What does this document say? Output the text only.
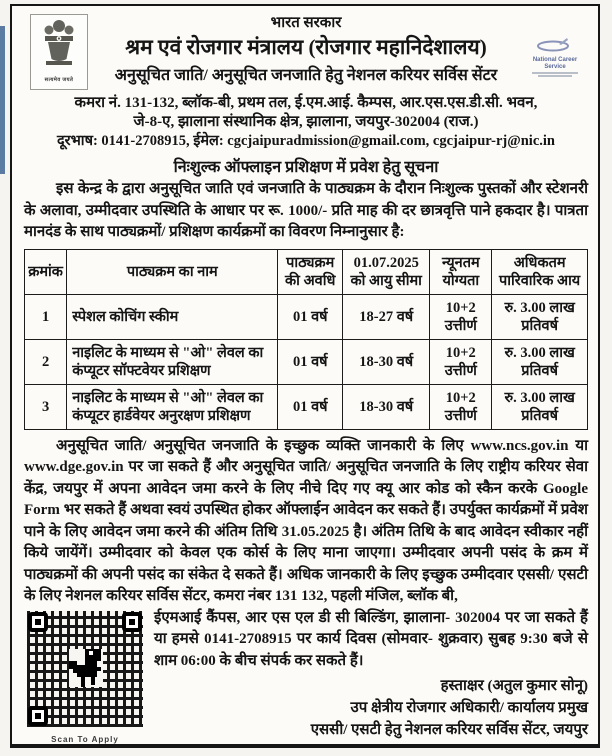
सत्यमेव जयते
National Career Service
भारत सरकार
श्रम एवं रोजगार मंत्रालय (रोजगार महानिदेशालय)
अनुसूचित जाति/ अनुसूचित जनजाति हेतु नेशनल करियर सर्विस सेंटर
कमरा नं. 131-132, ब्लॉक-बी, प्रथम तल, ई.एम.आई. कैम्पस, आर.एस.एस.डी.सी. भवन,
जे-8-ए, झालाना संस्थानिक क्षेत्र, झालाना, जयपुर-302004 (राज.)
दूरभाष: 0141-2708915, ईमेल: cgcjaipuradmission@gmail.com, cgcjaipur-rj@nic.in
निःशुल्क ऑफ्लाइन प्रशिक्षण में प्रवेश हेतु सूचना

इस केन्द्र के द्वारा अनुसूचित जाति एवं जनजाति के पाठ्यक्रम के दौरान निःशुल्क पुस्तकों और स्टेशनरी के अलावा, उम्मीदवार उपस्थिति के आधार पर रू. 1000/- प्रति माह की दर छात्रवृत्ति पाने हकदार है। पात्रता मानदंड के साथ पाठ्यक्रमों/ प्रशिक्षण कार्यक्रमों का विवरण निम्नानुसार है:

क्रमांक	पाठ्यक्रम का नाम	पाठ्यक्रम की अवधि	01.07.2025 को आयु सीमा	न्यूनतम योग्यता	अधिकतम पारिवारिक आय
1	स्पेशल कोचिंग स्कीम	01 वर्ष	18-27 वर्ष	10+2 उत्तीर्ण	रु. 3.00 लाख प्रतिवर्ष
2	नाइलिट के माध्यम से "ओ" लेवल का कंप्यूटर सॉफ्टवेयर प्रशिक्षण	01 वर्ष	18-30 वर्ष	10+2 उत्तीर्ण	रु. 3.00 लाख प्रतिवर्ष
3	नाइलिट के माध्यम से "ओ" लेवल का कंप्यूटर हार्डवेयर अनुरक्षण प्रशिक्षण	01 वर्ष	18-30 वर्ष	10+2 उत्तीर्ण	रु. 3.00 लाख प्रतिवर्ष

अनुसूचित जाति/ अनुसूचित जनजाति के इच्छुक व्यक्ति जानकारी के लिए www.ncs.gov.in या www.dge.gov.in पर जा सकते हैं और अनुसूचित जाति/ अनुसूचित जनजाति के लिए राष्ट्रीय करियर सेवा केंद्र, जयपुर में अपना आवेदन जमा करने के लिए नीचे दिए गए क्यू आर कोड को स्कैन करके Google Form भर सकते हैं अथवा स्वयं उपस्थित होकर ऑफ्लाईन आवेदन कर सकते हैं। उपर्युक्त कार्यक्रमों में प्रवेश पाने के लिए आवेदन जमा करने की अंतिम तिथि 31.05.2025 है। अंतिम तिथि के बाद आवेदन स्वीकार नहीं किये जायेंगें। उम्मीदवार को केवल एक कोर्स के लिए माना जाएगा। उम्मीदवार अपनी पसंद के क्रम में पाठ्यक्रमों की अपनी पसंद का संकेत दे सकते हैं। अधिक जानकारी के लिए इच्छुक उम्मीदवार एससी/ एसटी के लिए नेशनल करियर सर्विस सेंटर, कमरा नंबर 131 132, पहली मंजिल, ब्लॉक बी,

Scan To Apply
ईएमआई कैंपस, आर एस एल डी सी बिल्डिंग, झालाना- 302004 पर जा सकते हैं या हमसे 0141-2708915 पर कार्य दिवस (सोमवार- शुक्रवार) सुबह 9:30 बजे से शाम 06:00 के बीच संपर्क कर सकते हैं।
हस्ताक्षर (अतुल कुमार सोनू)
उप क्षेत्रीय रोजगार अधिकारी/ कार्यालय प्रमुख
एससी/ एसटी हेतु नेशनल करियर सर्विस सेंटर, जयपुर
